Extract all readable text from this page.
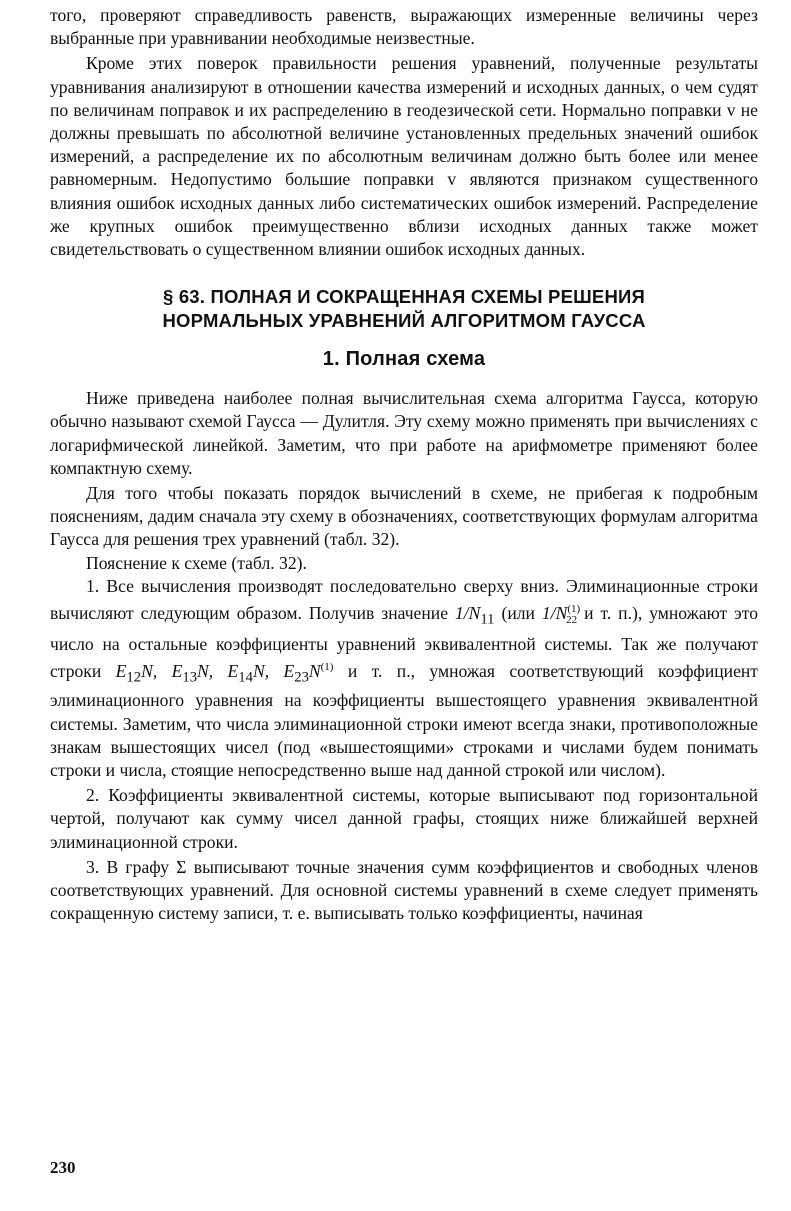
того, проверяют справедливость равенств, выражающих измеренные величины через выбранные при уравнивании необходимые неизвестные.

Кроме этих поверок правильности решения уравнений, полученные результаты уравнивания анализируют в отношении качества измерений и исходных данных, о чем судят по величинам поправок и их распределению в геодезической сети. Нормально поправки v не должны превышать по абсолютной величине установленных предельных значений ошибок измерений, а распределение их по абсолютным величинам должно быть более или менее равномерным. Недопустимо большие поправки v являются признаком существенного влияния ошибок исходных данных либо систематических ошибок измерений. Распределение же крупных ошибок преимущественно вблизи исходных данных также может свидетельствовать о существенном влиянии ошибок исходных данных.

§ 63. ПОЛНАЯ И СОКРАЩЕННАЯ СХЕМЫ РЕШЕНИЯ

НОРМАЛЬНЫХ УРАВНЕНИЙ АЛГОРИТМОМ ГАУССА

1. Полная схема

Ниже приведена наиболее полная вычислительная схема алгоритма Гаусса, которую обычно называют схемой Гаусса — Дулитля. Эту схему можно применять при вычислениях с логарифмической линейкой. Заметим, что при работе на арифмометре применяют более компактную схему.

Для того чтобы показать порядок вычислений в схеме, не прибегая к подробным пояснениям, дадим сначала эту схему в обозначениях, соответствующих формулам алгоритма Гаусса для решения трех уравнений (табл. 32).

Пояснение к схеме (табл. 32).

1. Все вычисления производят последовательно сверху вниз. Элиминационные строки вычисляют следующим образом. Получив значение $1/N_{11}$ (или $1/N^{(1)}_{22}$ и т. п.), умножают это число на остальные коэффициенты уравнений эквивалентной системы. Так же получают строки $E_{12}N$, $E_{13}N$, $E_{14}N$, $E_{23}N^{(1)}$ и т. п., умножая соответствующий коэффициент элиминационного уравнения на коэффициенты вышестоящего уравнения эквивалентной системы. Заметим, что числа элиминационной строки имеют всегда знаки, противоположные знакам вышестоящих чисел (под «вышестоящими» строками и числами будем понимать строки и числа, стоящие непосредственно выше над данной строкой или числом).

2. Коэффициенты эквивалентной системы, которые выписывают под горизонтальной чертой, получают как сумму чисел данной графы, стоящих ниже ближайшей верхней элиминационной строки.

3. В графу Σ выписывают точные значения сумм коэффициентов и свободных членов соответствующих уравнений. Для основной системы уравнений в схеме следует применять сокращенную систему записи, т. е. выписывать только коэффициенты, начиная

230
